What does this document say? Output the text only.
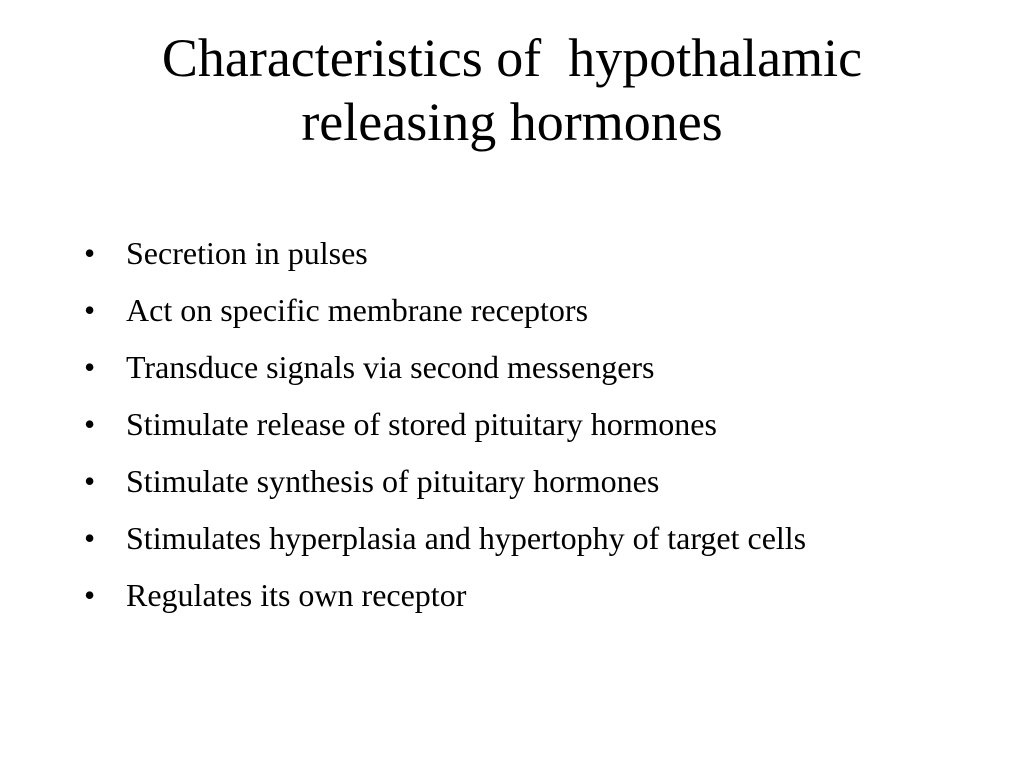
Characteristics of  hypothalamic
releasing hormones
• Secretion in pulses
• Act on specific membrane receptors
• Transduce signals via second messengers
• Stimulate release of stored pituitary hormones
• Stimulate synthesis of pituitary hormones
• Stimulates hyperplasia and hypertophy of target cells
• Regulates its own receptor
